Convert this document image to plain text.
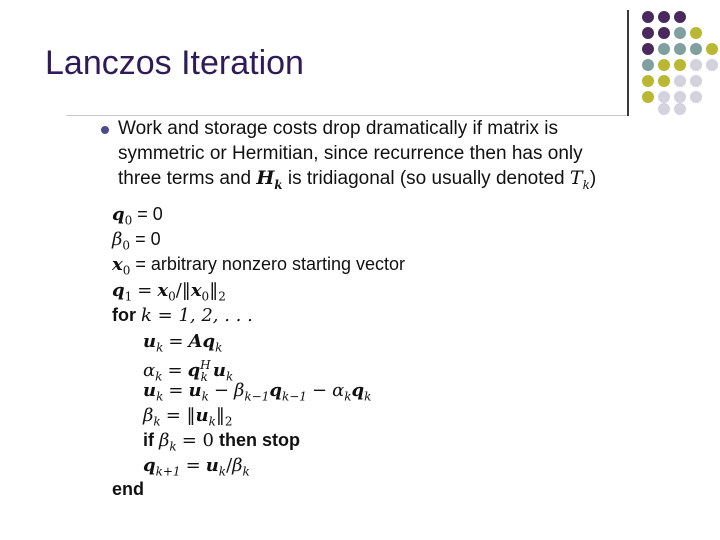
Lanczos Iteration
Work and storage costs drop dramatically if matrix is
symmetric or Hermitian, since recurrence then has only
three terms and $H_k$ is tridiagonal (so usually denoted $T_k$)
$q_0 = 0$
$\beta_0 = 0$
$x_0$ = arbitrary nonzero starting vector
$q_1$ = $x_0/‖x_0‖_2$
for k = 1, 2, . . .
$u_k = Aq_k$
$\alpha_k = q^H_k$ $u_k$
$u_k = u_k - \beta_{k-1}q_{k-1} - \alpha_kq_k$
$\beta_k$ = $‖u_k‖_2$
if $\beta_k = 0$ then stop
$q_{k+1} = u_k/\beta_k$
end
